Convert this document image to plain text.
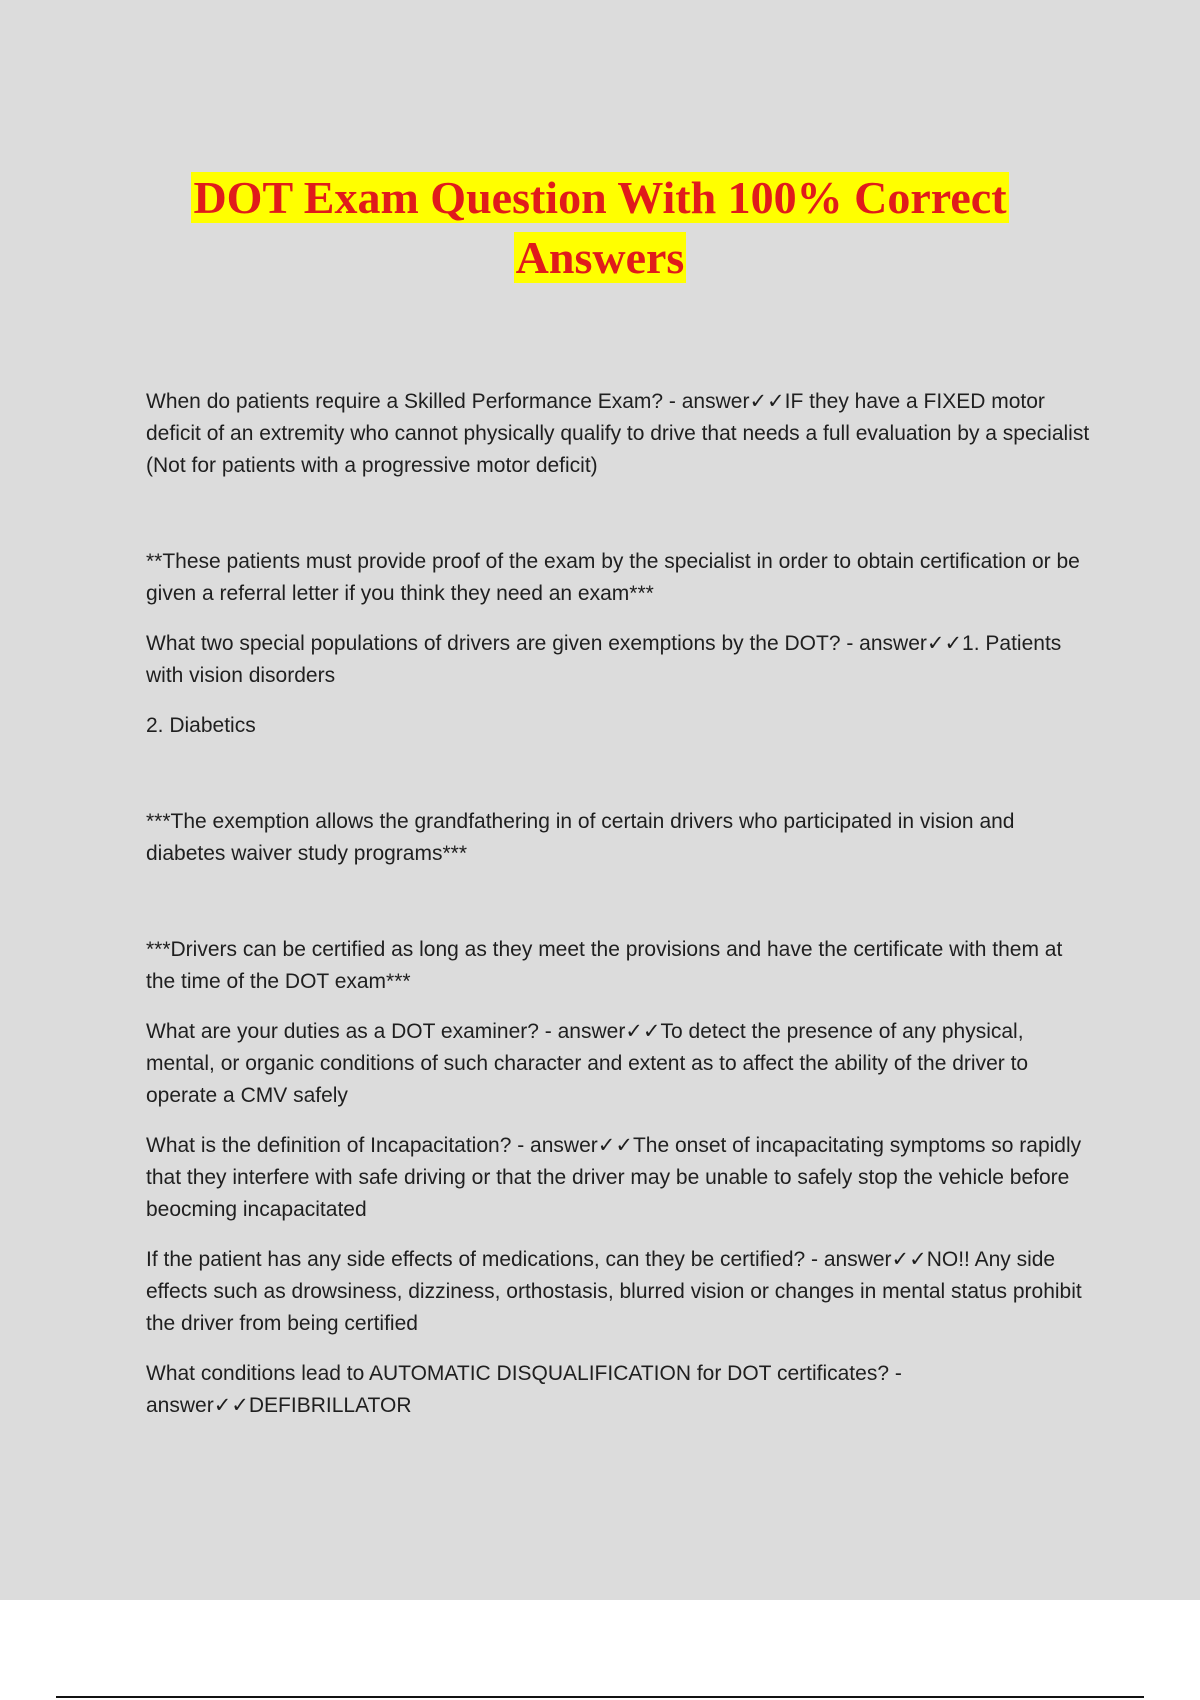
DOT Exam Question With 100% Correct
Answers

When do patients require a Skilled Performance Exam? - answer✓✓IF they have a FIXED motor deficit of an extremity who cannot physically qualify to drive that needs a full evaluation by a specialist (Not for patients with a progressive motor deficit)

**These patients must provide proof of the exam by the specialist in order to obtain certification or be given a referral letter if you think they need an exam***

What two special populations of drivers are given exemptions by the DOT? - answer✓✓1. Patients with vision disorders

2. Diabetics

***The exemption allows the grandfathering in of certain drivers who participated in vision and diabetes waiver study programs***

***Drivers can be certified as long as they meet the provisions and have the certificate with them at the time of the DOT exam***

What are your duties as a DOT examiner? - answer✓✓To detect the presence of any physical, mental, or organic conditions of such character and extent as to affect the ability of the driver to operate a CMV safely

What is the definition of Incapacitation? - answer✓✓The onset of incapacitating symptoms so rapidly that they interfere with safe driving or that the driver may be unable to safely stop the vehicle before beocming incapacitated

If the patient has any side effects of medications, can they be certified? - answer✓✓NO!! Any side effects such as drowsiness, dizziness, orthostasis, blurred vision or changes in mental status prohibit the driver from being certified

What conditions lead to AUTOMATIC DISQUALIFICATION for DOT certificates? - answer✓✓DEFIBRILLATOR
